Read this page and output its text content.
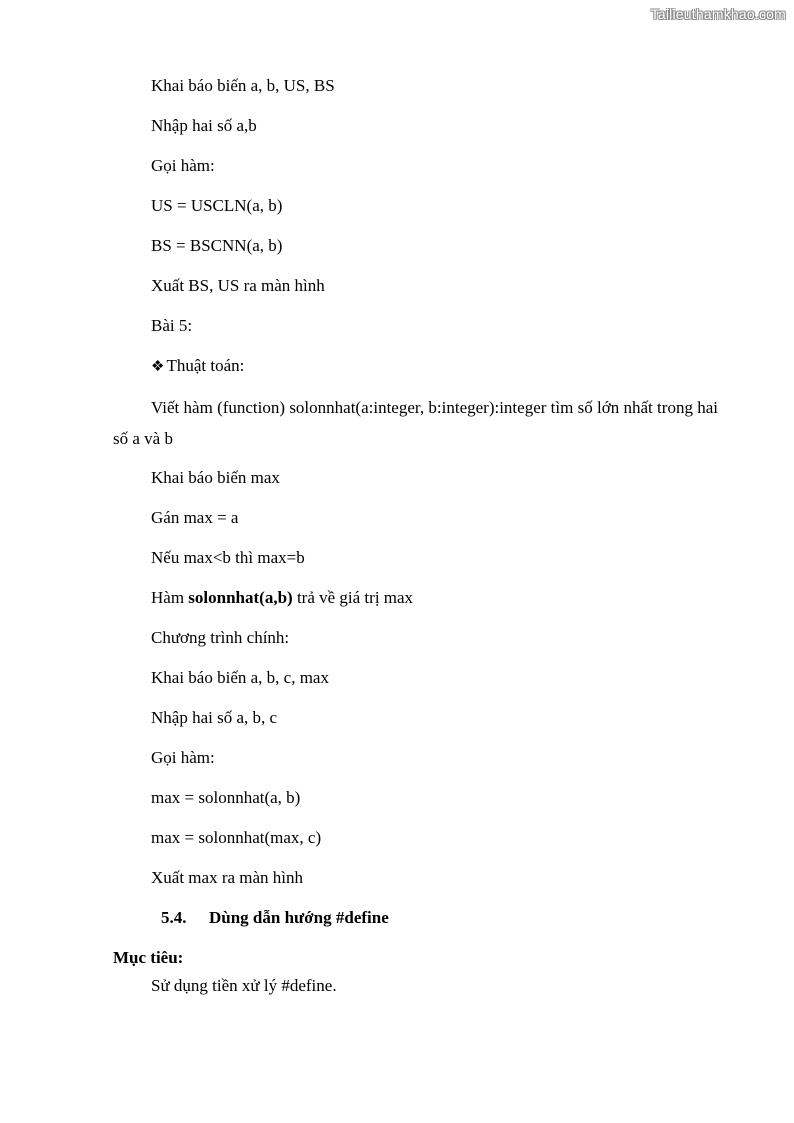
Tailieuthamkhao.com
Khai báo biến a, b, US, BS
Nhập hai số a,b
Gọi hàm:
US = USCLN(a, b)
BS = BSCNN(a, b)
Xuất BS, US ra màn hình
Bài 5:
❖ Thuật toán:
Viết hàm (function) solonnhat(a:integer, b:integer):integer tìm số lớn nhất trong hai số a và b
Khai báo biến max
Gán max = a
Nếu max<b thì max=b
Hàm solonnhat(a,b) trả về giá trị max
Chương trình chính:
Khai báo biến a, b, c, max
Nhập hai số a, b, c
Gọi hàm:
max = solonnhat(a, b)
max = solonnhat(max, c)
Xuất max ra màn hình
5.4. Dùng dẫn hướng #define
Mục tiêu:
Sử dụng tiền xử lý #define.
